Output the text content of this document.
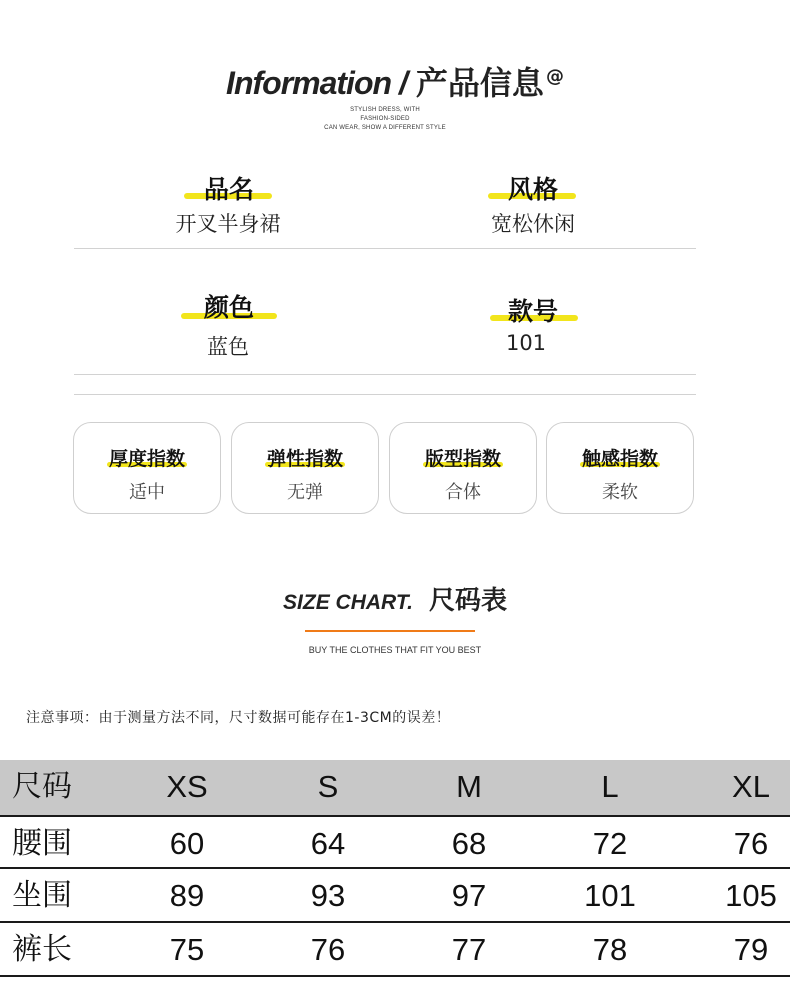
Information / 产品信息 @
STYLISH DRESS, WITH
FASHION-SIDED
CAN WEAR, SHOW A DIFFERENT STYLE
品名
开叉半身裙
风格
宽松休闲
颜色
蓝色
款号
101
厚度指数
适中
弹性指数
无弹
版型指数
合体
触感指数
柔软
SIZE CHART. 尺码表
BUY THE CLOTHES THAT FIT YOU BEST
注意事项：由于测量方法不同，尺寸数据可能存在1-3CM的误差！
尺码	XS	S	M	L	XL
腰围	60	64	68	72	76
坐围	89	93	97	101	105
裤长	75	76	77	78	79
